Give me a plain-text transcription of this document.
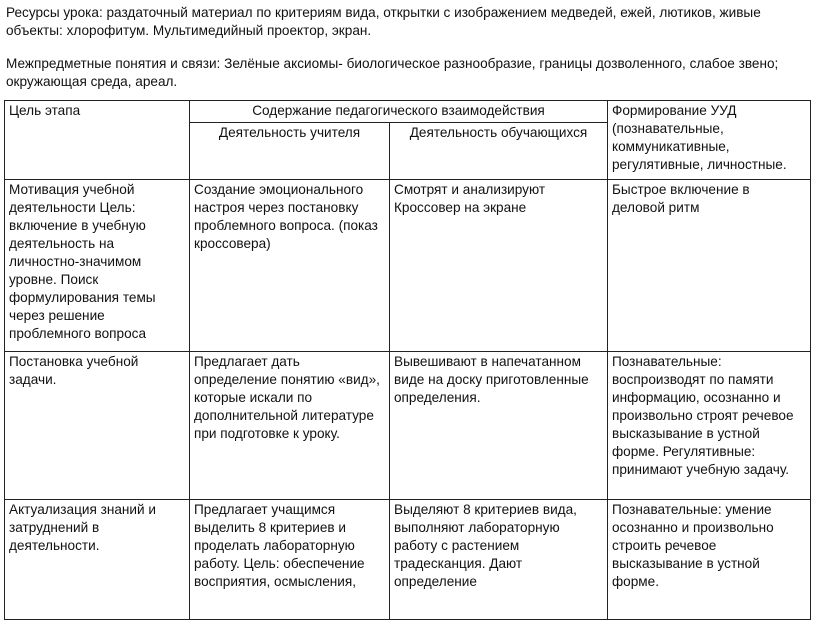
Ресурсы урока: раздаточный материал по критериям вида, открытки с изображением медведей, ежей, лютиков, живые объекты: хлорофитум. Мультимедийный проектор, экран.

Межпредметные понятия и связи: Зелёные аксиомы- биологическое разнообразие, границы дозволенного, слабое звено; окружающая среда, ареал.

Цель этапа	Содержание педагогического взаимодействия		Формирование УУД (познавательные, коммуникативные, регулятивные, личностные.
	Деятельность учителя	Деятельность обучающихся	
Мотивация учебной деятельности Цель: включение в учебную деятельность на личностно-значимом уровне. Поиск формулирования темы через решение проблемного вопроса	Создание эмоционального настроя через постановку проблемного вопроса. (показ кроссовера)	Смотрят и анализируют Кроссовер на экране	Быстрое включение в деловой ритм
Постановка учебной задачи.	Предлагает дать определение понятию «вид», которые искали по дополнительной литературе при подготовке к уроку.	Вывешивают в напечатанном виде на доску приготовленные определения.	Познавательные: воспроизводят по памяти информацию, осознанно и произвольно строят речевое высказывание в устной форме. Регулятивные: принимают учебную задачу.
Актуализация знаний и затруднений в деятельности.	Предлагает учащимся выделить 8 критериев и проделать лабораторную работу. Цель: обеспечение восприятия, осмысления,	Выделяют 8 критериев вида, выполняют лабораторную работу с растением традесканция. Дают определение	Познавательные: умение осознанно и произвольно строить речевое высказывание в устной форме.
